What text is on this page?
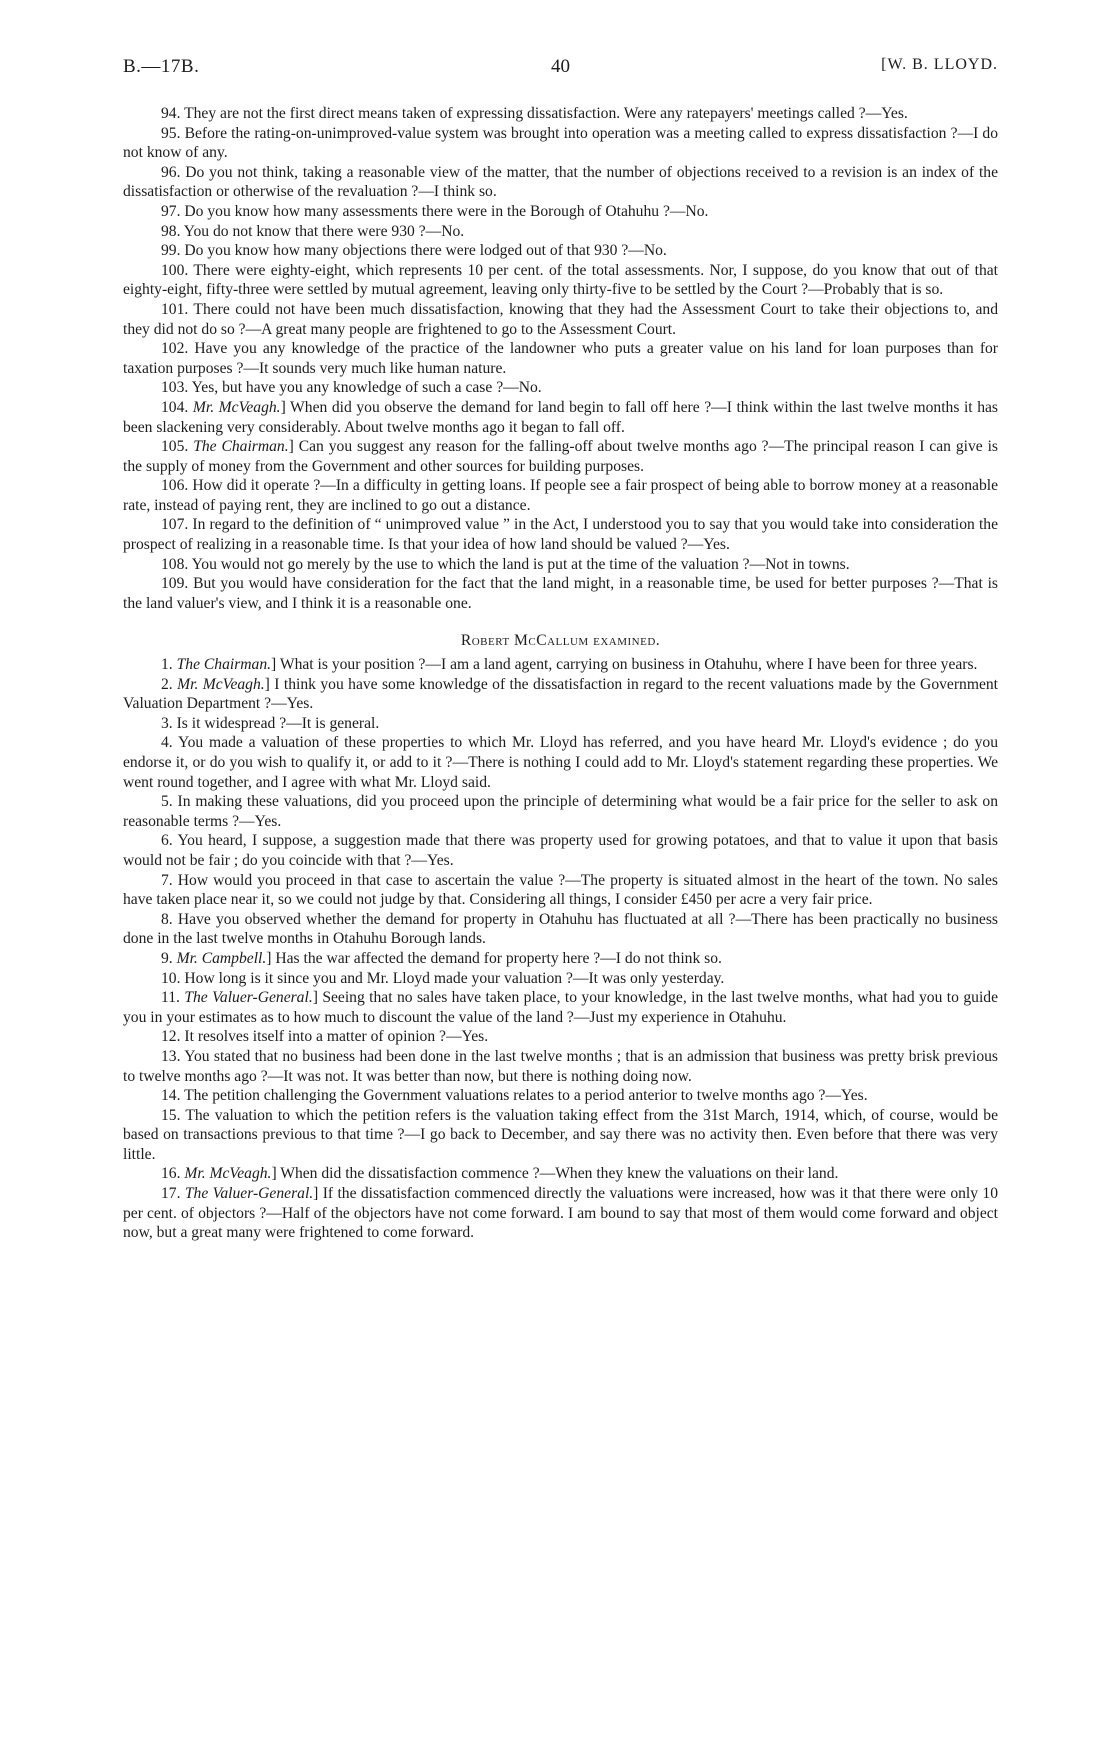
B.—17B.	40	[W. B. LLOYD.

94. They are not the first direct means taken of expressing dissatisfaction. Were any ratepayers' meetings called ?—Yes.

95. Before the rating-on-unimproved-value system was brought into operation was a meeting called to express dissatisfaction ?—I do not know of any.

96. Do you not think, taking a reasonable view of the matter, that the number of objections received to a revision is an index of the dissatisfaction or otherwise of the revaluation ?—I think so.

97. Do you know how many assessments there were in the Borough of Otahuhu ?—No.

98. You do not know that there were 930 ?—No.

99. Do you know how many objections there were lodged out of that 930 ?—No.

100. There were eighty-eight, which represents 10 per cent. of the total assessments. Nor, I suppose, do you know that out of that eighty-eight, fifty-three were settled by mutual agreement, leaving only thirty-five to be settled by the Court ?—Probably that is so.

101. There could not have been much dissatisfaction, knowing that they had the Assessment Court to take their objections to, and they did not do so ?—A great many people are frightened to go to the Assessment Court.

102. Have you any knowledge of the practice of the landowner who puts a greater value on his land for loan purposes than for taxation purposes ?—It sounds very much like human nature.

103. Yes, but have you any knowledge of such a case ?—No.

104. Mr. McVeagh.] When did you observe the demand for land begin to fall off here ?—I think within the last twelve months it has been slackening very considerably. About twelve months ago it began to fall off.

105. The Chairman.] Can you suggest any reason for the falling-off about twelve months ago ?—The principal reason I can give is the supply of money from the Government and other sources for building purposes.

106. How did it operate ?—In a difficulty in getting loans. If people see a fair prospect of being able to borrow money at a reasonable rate, instead of paying rent, they are inclined to go out a distance.

107. In regard to the definition of “ unimproved value ” in the Act, I understood you to say that you would take into consideration the prospect of realizing in a reasonable time. Is that your idea of how land should be valued ?—Yes.

108. You would not go merely by the use to which the land is put at the time of the valuation ?—Not in towns.

109. But you would have consideration for the fact that the land might, in a reasonable time, be used for better purposes ?—That is the land valuer's view, and I think it is a reasonable one.

Robert McCallum examined.

1. The Chairman.] What is your position ?—I am a land agent, carrying on business in Otahuhu, where I have been for three years.

2. Mr. McVeagh.] I think you have some knowledge of the dissatisfaction in regard to the recent valuations made by the Government Valuation Department ?—Yes.

3. Is it widespread ?—It is general.

4. You made a valuation of these properties to which Mr. Lloyd has referred, and you have heard Mr. Lloyd's evidence ; do you endorse it, or do you wish to qualify it, or add to it ?—There is nothing I could add to Mr. Lloyd's statement regarding these properties. We went round together, and I agree with what Mr. Lloyd said.

5. In making these valuations, did you proceed upon the principle of determining what would be a fair price for the seller to ask on reasonable terms ?—Yes.

6. You heard, I suppose, a suggestion made that there was property used for growing potatoes, and that to value it upon that basis would not be fair ; do you coincide with that ?—Yes.

7. How would you proceed in that case to ascertain the value ?—The property is situated almost in the heart of the town. No sales have taken place near it, so we could not judge by that. Considering all things, I consider £450 per acre a very fair price.

8. Have you observed whether the demand for property in Otahuhu has fluctuated at all ?—There has been practically no business done in the last twelve months in Otahuhu Borough lands.

9. Mr. Campbell.] Has the war affected the demand for property here ?—I do not think so.

10. How long is it since you and Mr. Lloyd made your valuation ?—It was only yesterday.

11. The Valuer-General.] Seeing that no sales have taken place, to your knowledge, in the last twelve months, what had you to guide you in your estimates as to how much to discount the value of the land ?—Just my experience in Otahuhu.

12. It resolves itself into a matter of opinion ?—Yes.

13. You stated that no business had been done in the last twelve months ; that is an admission that business was pretty brisk previous to twelve months ago ?—It was not. It was better than now, but there is nothing doing now.

14. The petition challenging the Government valuations relates to a period anterior to twelve months ago ?—Yes.

15. The valuation to which the petition refers is the valuation taking effect from the 31st March, 1914, which, of course, would be based on transactions previous to that time ?—I go back to December, and say there was no activity then. Even before that there was very little.

16. Mr. McVeagh.] When did the dissatisfaction commence ?—When they knew the valuations on their land.

17. The Valuer-General.] If the dissatisfaction commenced directly the valuations were increased, how was it that there were only 10 per cent. of objectors ?—Half of the objectors have not come forward. I am bound to say that most of them would come forward and object now, but a great many were frightened to come forward.
